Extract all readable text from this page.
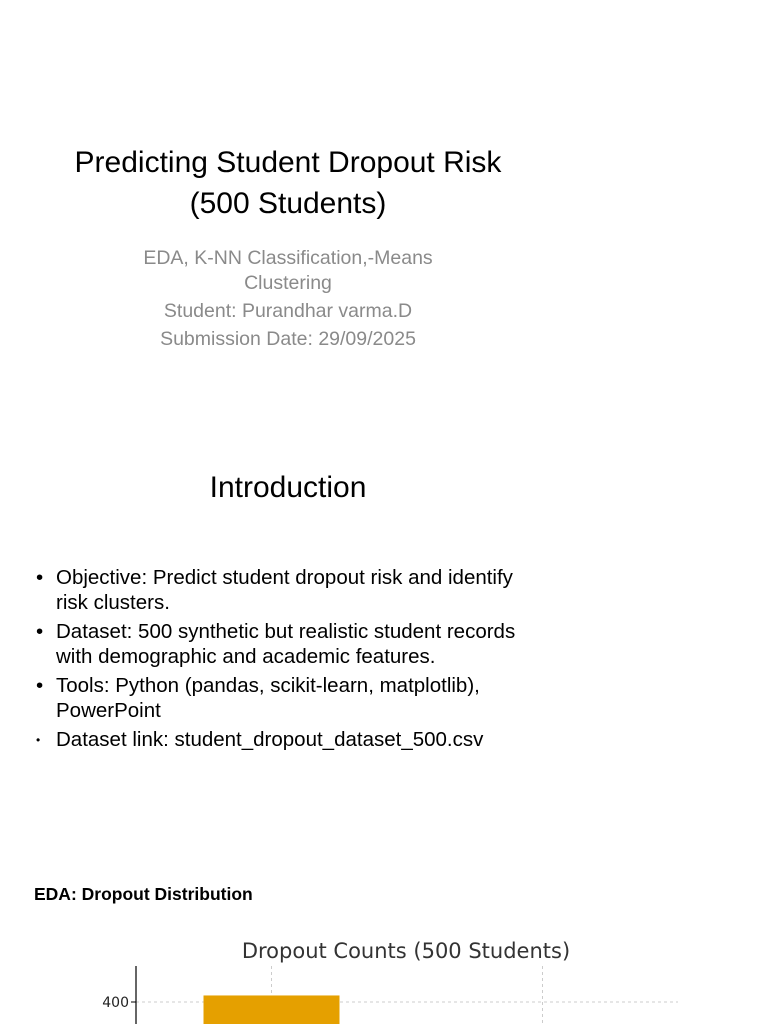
Predicting Student Dropout Risk
(500 Students)
EDA, K-NN Classification,-Means
Clustering
Student: Purandhar varma.D
Submission Date: 29/09/2025
Introduction
• Objective: Predict student dropout risk and identify risk clusters.
• Dataset: 500 synthetic but realistic student records with demographic and academic features.
• Tools: Python (pandas, scikit-learn, matplotlib), PowerPoint
• Dataset link: student_dropout_dataset_500.csv
EDA: Dropout Distribution
Dropout Counts (500 Students)
400
